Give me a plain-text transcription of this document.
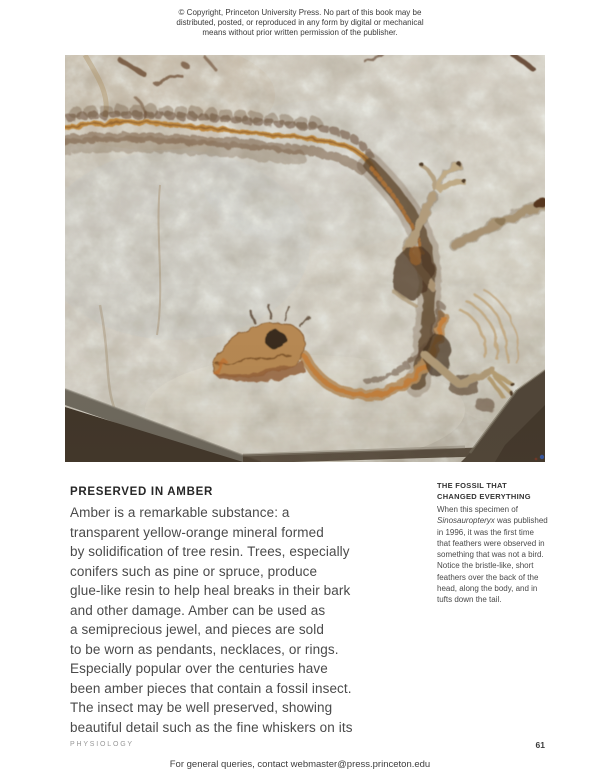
© Copyright, Princeton University Press. No part of this book may be
distributed, posted, or reproduced in any form by digital or mechanical
means without prior written permission of the publisher.
PRESERVED IN AMBER
Amber is a remarkable substance: a
transparent yellow-orange mineral formed
by solidification of tree resin. Trees, especially
conifers such as pine or spruce, produce
glue-like resin to help heal breaks in their bark
and other damage. Amber can be used as
a semiprecious jewel, and pieces are sold
to be worn as pendants, necklaces, or rings.
Especially popular over the centuries have
been amber pieces that contain a fossil insect.
The insect may be well preserved, showing
beautiful detail such as the fine whiskers on its
THE FOSSIL THAT
CHANGED EVERYTHING
When this specimen of
Sinosauropteryx was published
in 1996, it was the first time
that feathers were observed in
something that was not a bird.
Notice the bristle-like, short
feathers over the back of the
head, along the body, and in
tufts down the tail.
PHYSIOLOGY	61
For general queries, contact webmaster@press.princeton.edu
